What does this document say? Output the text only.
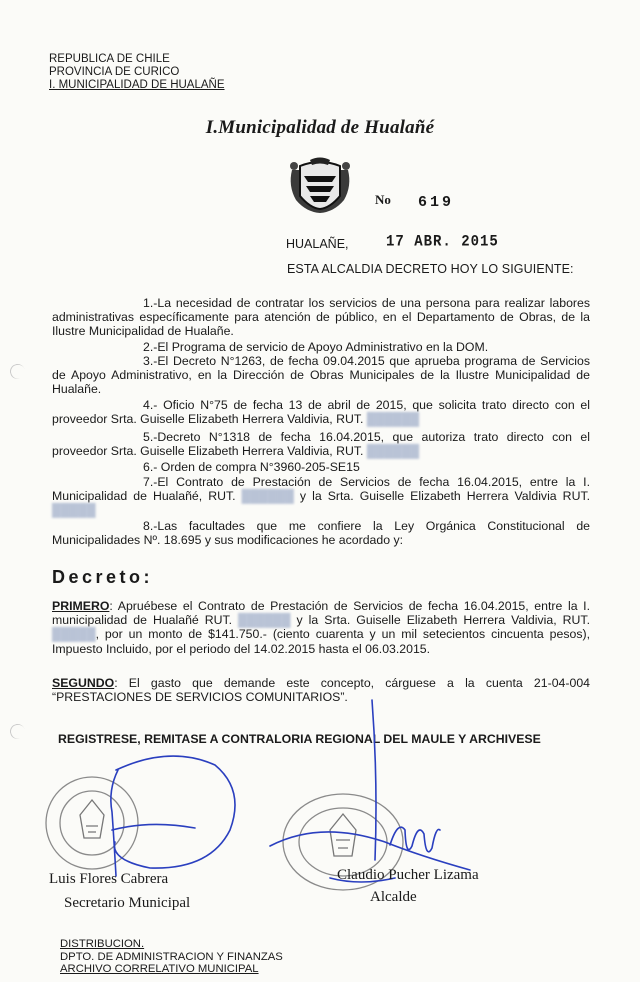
REPUBLICA DE CHILE
PROVINCIA DE CURICO
I. MUNICIPALIDAD DE HUALAÑE
I.Municipalidad de Hualañé
No 619
HUALAÑE,	17 ABR. 2015
ESTA ALCALDIA DECRETO HOY LO SIGUIENTE:
1.-La necesidad de contratar los servicios de una persona para realizar labores administrativas específicamente para atención de público, en el Departamento de Obras, de la Ilustre Municipalidad de Hualañe.
2.-El Programa de servicio de Apoyo Administrativo en la DOM.
3.-El Decreto N°1263, de fecha 09.04.2015 que aprueba programa de Servicios de Apoyo Administrativo, en la Dirección de Obras Municipales de la Ilustre Municipalidad de Hualañe.
4.- Oficio N°75 de fecha 13 de abril de 2015, que solicita trato directo con el proveedor Srta. Guiselle Elizabeth Herrera Valdivia, RUT. ██████
5.-Decreto N°1318 de fecha 16.04.2015, que autoriza trato directo con el proveedor Srta. Guiselle Elizabeth Herrera Valdivia, RUT. ██████
6.- Orden de compra N°3960-205-SE15
7.-El Contrato de Prestación de Servicios de fecha 16.04.2015, entre la I. Municipalidad de Hualañé, RUT. ██████ y la Srta. Guiselle Elizabeth Herrera Valdivia RUT. █████
8.-Las facultades que me confiere la Ley Orgánica Constitucional de Municipalidades Nº. 18.695 y sus modificaciones he acordado y:
Decreto:
PRIMERO: Apruébese el Contrato de Prestación de Servicios de fecha 16.04.2015, entre la I. municipalidad de Hualañé RUT. ██████ y la Srta. Guiselle Elizabeth Herrera Valdivia, RUT. █████, por un monto de $141.750.- (ciento cuarenta y un mil setecientos cincuenta pesos), Impuesto Incluido, por el periodo del 14.02.2015 hasta el 06.03.2015.
SEGUNDO: El gasto que demande este concepto, cárguese a la cuenta 21-04-004 “PRESTACIONES DE SERVICIOS COMUNITARIOS”.
REGISTRESE, REMITASE A CONTRALORIA REGIONAL DEL MAULE Y ARCHIVESE
Luis Flores Cabrera
Secretario Municipal
Claudio Pucher Lizama
Alcalde
DISTRIBUCION.
DPTO. DE ADMINISTRACION Y FINANZAS
ARCHIVO CORRELATIVO MUNICIPAL
